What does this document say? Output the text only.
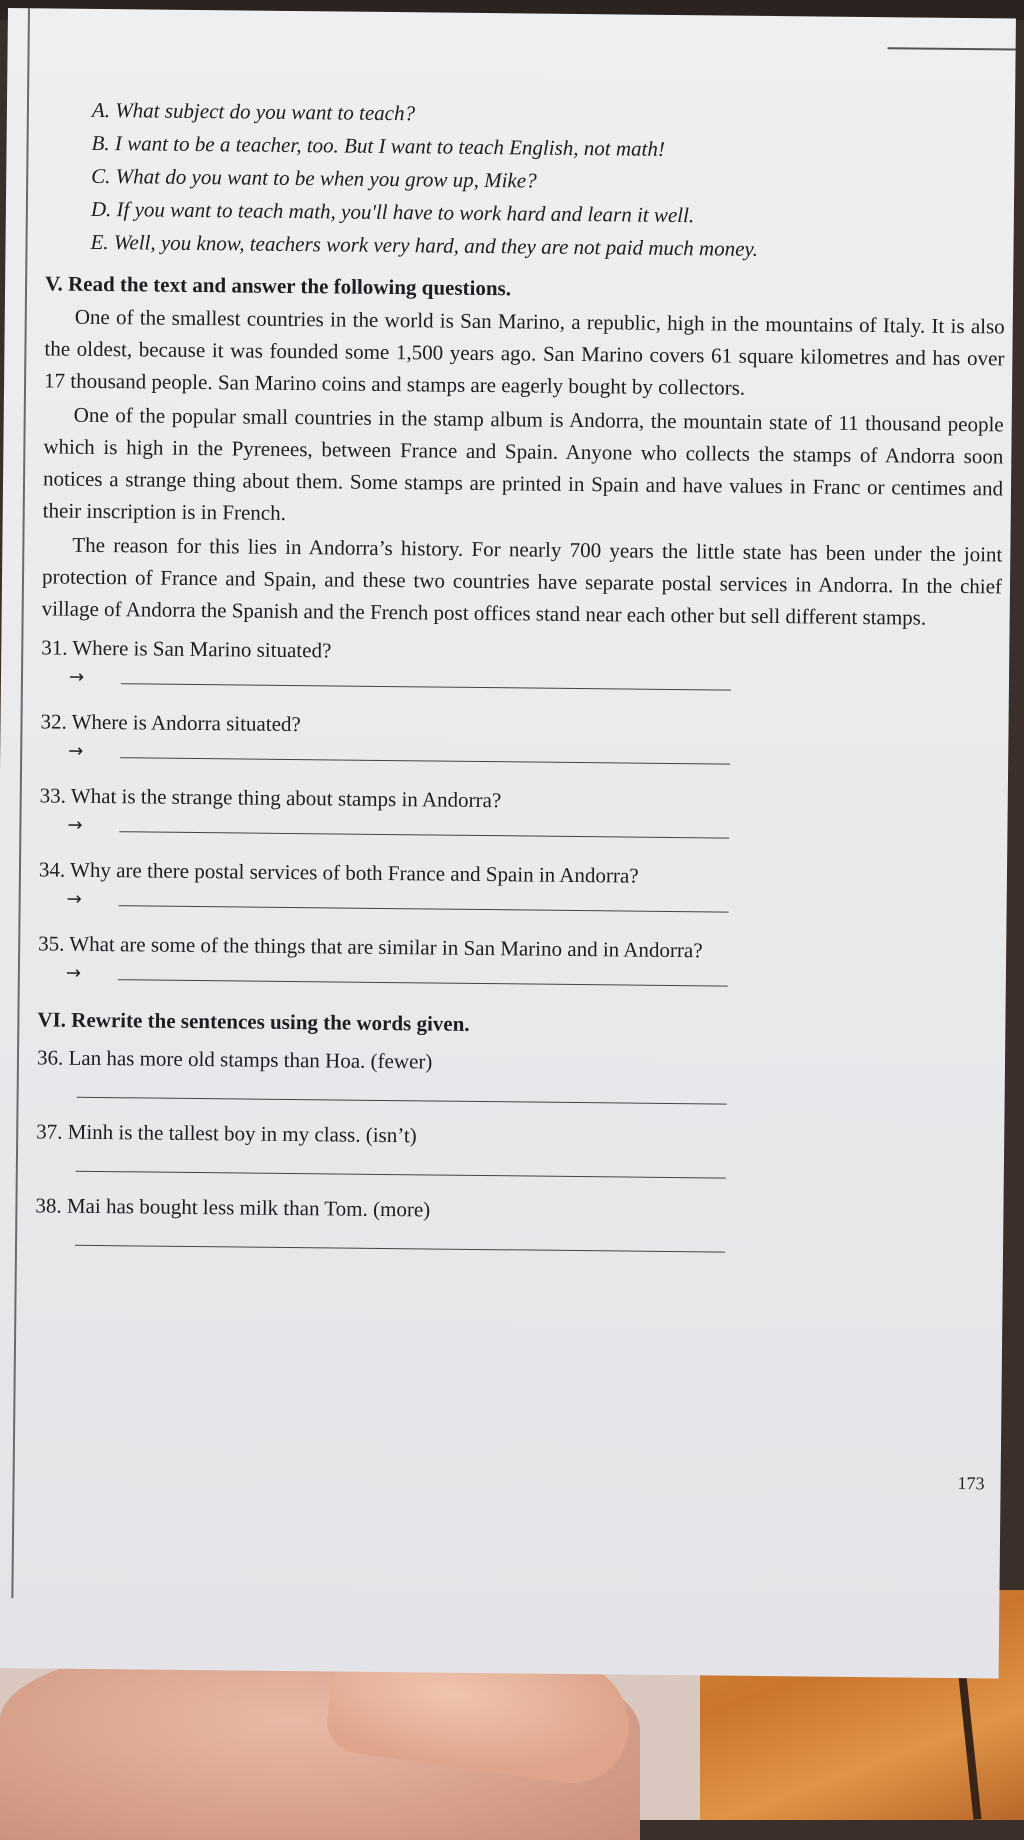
A. What subject do you want to teach?
B. I want to be a teacher, too. But I want to teach English, not math!
C. What do you want to be when you grow up, Mike?
D. If you want to teach math, you'll have to work hard and learn it well.
E. Well, you know, teachers work very hard, and they are not paid much money.
V. Read the text and answer the following questions.

One of the smallest countries in the world is San Marino, a republic, high in the mountains of Italy. It is also the oldest, because it was founded some 1,500 years ago. San Marino covers 61 square kilometres and has over 17 thousand people. San Marino coins and stamps are eagerly bought by collectors.

One of the popular small countries in the stamp album is Andorra, the mountain state of 11 thousand people which is high in the Pyrenees, between France and Spain. Anyone who collects the stamps of Andorra soon notices a strange thing about them. Some stamps are printed in Spain and have values in Franc or centimes and their inscription is in French.

The reason for this lies in Andorra’s history. For nearly 700 years the little state has been under the joint protection of France and Spain, and these two countries have separate postal services in Andorra. In the chief village of Andorra the Spanish and the French post offices stand near each other but sell different stamps.

31. Where is San Marino situated?
→
32. Where is Andorra situated?
→
33. What is the strange thing about stamps in Andorra?
→
34. Why are there postal services of both France and Spain in Andorra?
→
35. What are some of the things that are similar in San Marino and in Andorra?
→
VI. Rewrite the sentences using the words given.
36. Lan has more old stamps than Hoa. (fewer)
37. Minh is the tallest boy in my class. (isn’t)
38. Mai has bought less milk than Tom. (more)
173
